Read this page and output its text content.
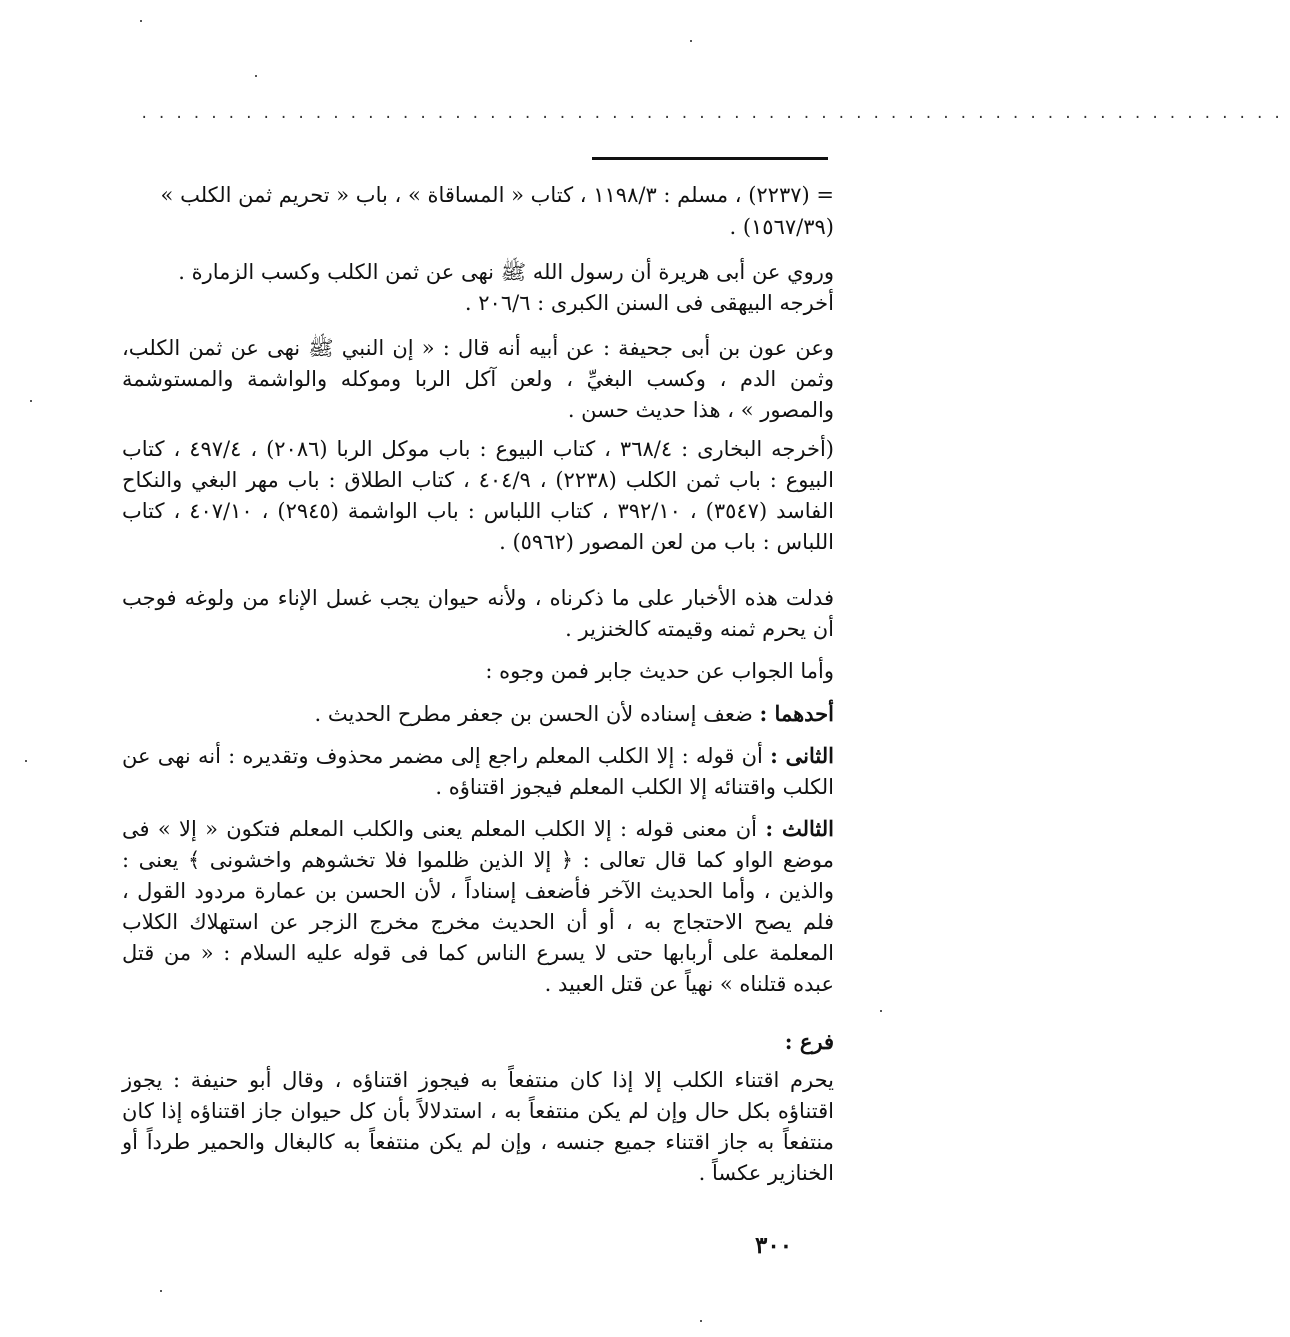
··································································
= (٢٢٣٧) ، مسلم : ١١٩٨/٣ ، كتاب « المساقاة » ، باب « تحريم ثمن الكلب »
(١٥٦٧/٣٩) .
وروي عن أبى هريرة أن رسول الله ﷺ نهى عن ثمن الكلب وكسب الزمارة .
أخرجه البيهقى فى السنن الكبرى : ٢٠٦/٦ .
وعن عون بن أبى جحيفة : عن أبيه أنه قال : « إن النبي ﷺ نهى عن ثمن الكلب، وثمن الدم ، وكسب البغيِّ ، ولعن آكل الربا وموكله والواشمة والمستوشمة والمصور » ، هذا حديث حسن .
(أخرجه البخارى : ٣٦٨/٤ ، كتاب البيوع : باب موكل الربا (٢٠٨٦) ، ٤٩٧/٤ ، كتاب البيوع : باب ثمن الكلب (٢٢٣٨) ، ٤٠٤/٩ ، كتاب الطلاق : باب مهر البغي والنكاح الفاسد (٣٥٤٧) ، ٣٩٢/١٠ ، كتاب اللباس : باب الواشمة (٢٩٤٥) ، ٤٠٧/١٠ ، كتاب اللباس : باب من لعن المصور (٥٩٦٢) .
فدلت هذه الأخبار على ما ذكرناه ، ولأنه حيوان يجب غسل الإناء من ولوغه فوجب أن يحرم ثمنه وقيمته كالخنزير .
وأما الجواب عن حديث جابر فمن وجوه :
أحدهما : ضعف إسناده لأن الحسن بن جعفر مطرح الحديث .
الثانى : أن قوله : إلا الكلب المعلم راجع إلى مضمر محذوف وتقديره : أنه نهى عن الكلب واقتنائه إلا الكلب المعلم فيجوز اقتناؤه .
الثالث : أن معنى قوله : إلا الكلب المعلم يعنى والكلب المعلم فتكون « إلا » فى موضع الواو كما قال تعالى : ﴿ إلا الذين ظلموا فلا تخشوهم واخشونى ﴾ يعنى : والذين ، وأما الحديث الآخر فأضعف إسناداً ، لأن الحسن بن عمارة مردود القول ، فلم يصح الاحتجاج به ، أو أن الحديث مخرج مخرج الزجر عن استهلاك الكلاب المعلمة على أربابها حتى لا يسرع الناس كما فى قوله عليه السلام : « من قتل عبده قتلناه » نهياً عن قتل العبيد .
فرع :
يحرم اقتناء الكلب إلا إذا كان منتفعاً به فيجوز اقتناؤه ، وقال أبو حنيفة : يجوز اقتناؤه بكل حال وإن لم يكن منتفعاً به ، استدلالاً بأن كل حيوان جاز اقتناؤه إذا كان منتفعاً به جاز اقتناء جميع جنسه ، وإن لم يكن منتفعاً به كالبغال والحمير طرداً أو الخنازير عكساً .
٣٠٠
